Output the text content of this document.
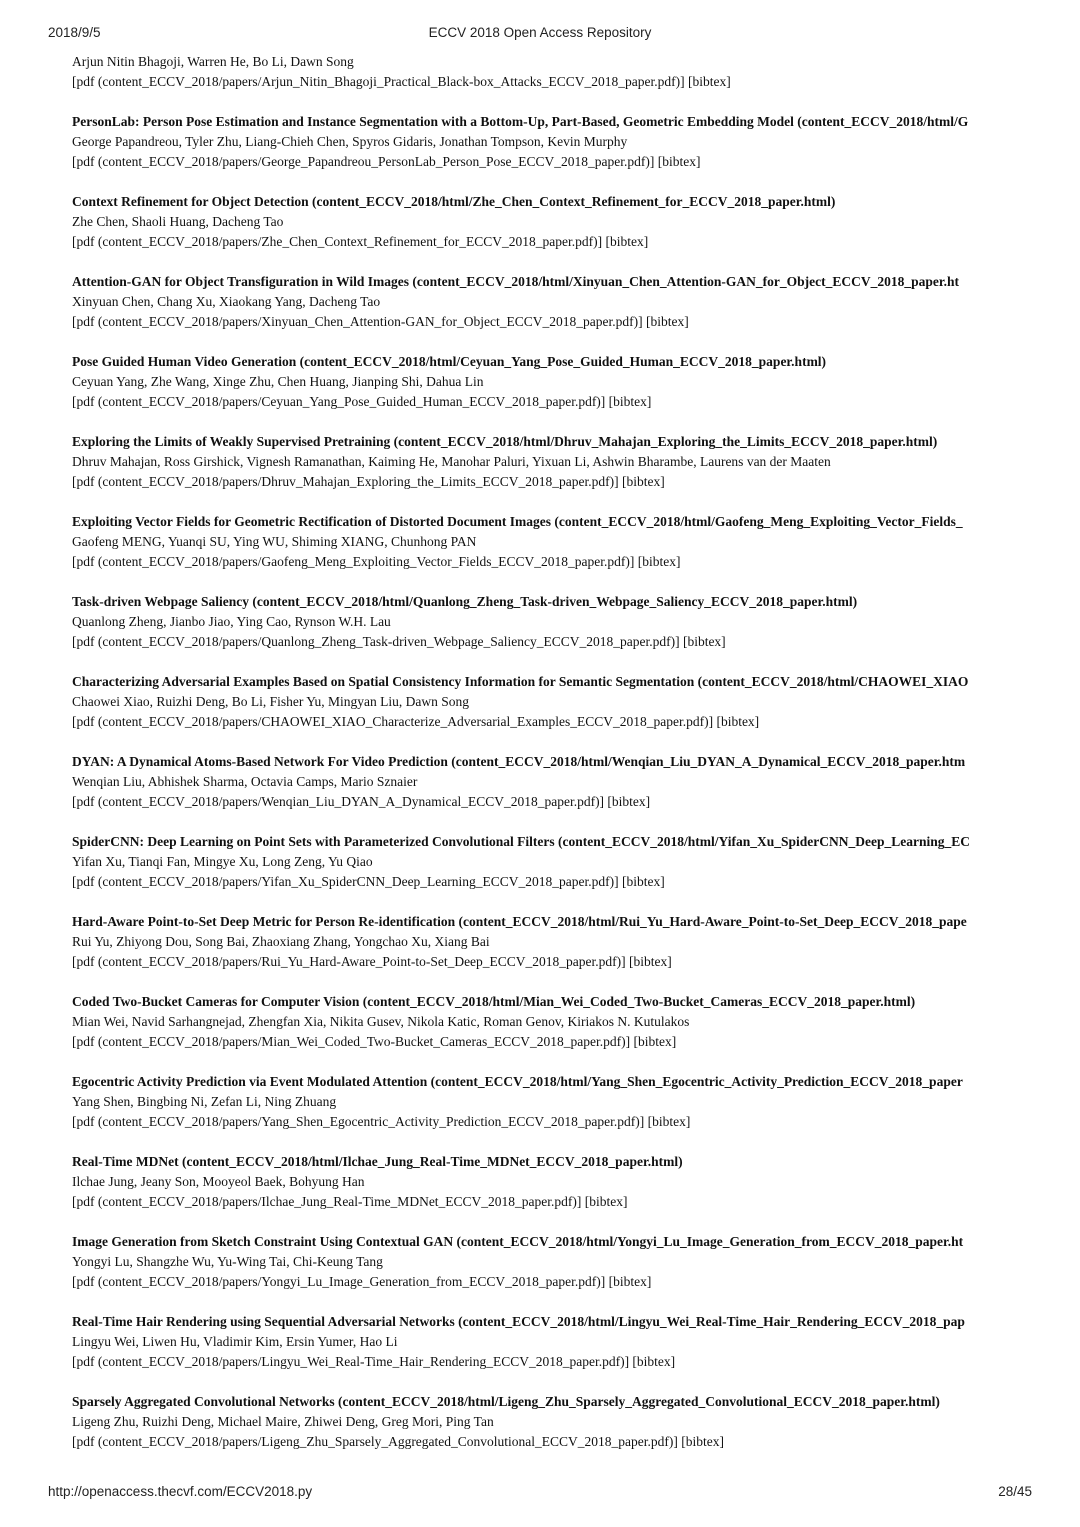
2018/9/5	ECCV 2018 Open Access Repository
Arjun Nitin Bhagoji, Warren He, Bo Li, Dawn Song
[pdf (content_ECCV_2018/papers/Arjun_Nitin_Bhagoji_Practical_Black-box_Attacks_ECCV_2018_paper.pdf)] [bibtex]
PersonLab: Person Pose Estimation and Instance Segmentation with a Bottom-Up, Part-Based, Geometric Embedding Model (content_ECCV_2018/html/G
George Papandreou, Tyler Zhu, Liang-Chieh Chen, Spyros Gidaris, Jonathan Tompson, Kevin Murphy
[pdf (content_ECCV_2018/papers/George_Papandreou_PersonLab_Person_Pose_ECCV_2018_paper.pdf)] [bibtex]
Context Refinement for Object Detection (content_ECCV_2018/html/Zhe_Chen_Context_Refinement_for_ECCV_2018_paper.html)
Zhe Chen, Shaoli Huang, Dacheng Tao
[pdf (content_ECCV_2018/papers/Zhe_Chen_Context_Refinement_for_ECCV_2018_paper.pdf)] [bibtex]
Attention-GAN for Object Transfiguration in Wild Images (content_ECCV_2018/html/Xinyuan_Chen_Attention-GAN_for_Object_ECCV_2018_paper.ht
Xinyuan Chen, Chang Xu, Xiaokang Yang, Dacheng Tao
[pdf (content_ECCV_2018/papers/Xinyuan_Chen_Attention-GAN_for_Object_ECCV_2018_paper.pdf)] [bibtex]
Pose Guided Human Video Generation (content_ECCV_2018/html/Ceyuan_Yang_Pose_Guided_Human_ECCV_2018_paper.html)
Ceyuan Yang, Zhe Wang, Xinge Zhu, Chen Huang, Jianping Shi, Dahua Lin
[pdf (content_ECCV_2018/papers/Ceyuan_Yang_Pose_Guided_Human_ECCV_2018_paper.pdf)] [bibtex]
Exploring the Limits of Weakly Supervised Pretraining (content_ECCV_2018/html/Dhruv_Mahajan_Exploring_the_Limits_ECCV_2018_paper.html)
Dhruv Mahajan, Ross Girshick, Vignesh Ramanathan, Kaiming He, Manohar Paluri, Yixuan Li, Ashwin Bharambe, Laurens van der Maaten
[pdf (content_ECCV_2018/papers/Dhruv_Mahajan_Exploring_the_Limits_ECCV_2018_paper.pdf)] [bibtex]
Exploiting Vector Fields for Geometric Rectification of Distorted Document Images (content_ECCV_2018/html/Gaofeng_Meng_Exploiting_Vector_Fields_
Gaofeng MENG, Yuanqi SU, Ying WU, Shiming XIANG, Chunhong PAN
[pdf (content_ECCV_2018/papers/Gaofeng_Meng_Exploiting_Vector_Fields_ECCV_2018_paper.pdf)] [bibtex]
Task-driven Webpage Saliency (content_ECCV_2018/html/Quanlong_Zheng_Task-driven_Webpage_Saliency_ECCV_2018_paper.html)
Quanlong Zheng, Jianbo Jiao, Ying Cao, Rynson W.H. Lau
[pdf (content_ECCV_2018/papers/Quanlong_Zheng_Task-driven_Webpage_Saliency_ECCV_2018_paper.pdf)] [bibtex]
Characterizing Adversarial Examples Based on Spatial Consistency Information for Semantic Segmentation (content_ECCV_2018/html/CHAOWEI_XIAO
Chaowei Xiao, Ruizhi Deng, Bo Li, Fisher Yu, Mingyan Liu, Dawn Song
[pdf (content_ECCV_2018/papers/CHAOWEI_XIAO_Characterize_Adversarial_Examples_ECCV_2018_paper.pdf)] [bibtex]
DYAN: A Dynamical Atoms-Based Network For Video Prediction (content_ECCV_2018/html/Wenqian_Liu_DYAN_A_Dynamical_ECCV_2018_paper.htm
Wenqian Liu, Abhishek Sharma, Octavia Camps, Mario Sznaier
[pdf (content_ECCV_2018/papers/Wenqian_Liu_DYAN_A_Dynamical_ECCV_2018_paper.pdf)] [bibtex]
SpiderCNN: Deep Learning on Point Sets with Parameterized Convolutional Filters (content_ECCV_2018/html/Yifan_Xu_SpiderCNN_Deep_Learning_EC
Yifan Xu, Tianqi Fan, Mingye Xu, Long Zeng, Yu Qiao
[pdf (content_ECCV_2018/papers/Yifan_Xu_SpiderCNN_Deep_Learning_ECCV_2018_paper.pdf)] [bibtex]
Hard-Aware Point-to-Set Deep Metric for Person Re-identification (content_ECCV_2018/html/Rui_Yu_Hard-Aware_Point-to-Set_Deep_ECCV_2018_pape
Rui Yu, Zhiyong Dou, Song Bai, Zhaoxiang Zhang, Yongchao Xu, Xiang Bai
[pdf (content_ECCV_2018/papers/Rui_Yu_Hard-Aware_Point-to-Set_Deep_ECCV_2018_paper.pdf)] [bibtex]
Coded Two-Bucket Cameras for Computer Vision (content_ECCV_2018/html/Mian_Wei_Coded_Two-Bucket_Cameras_ECCV_2018_paper.html)
Mian Wei, Navid Sarhangnejad, Zhengfan Xia, Nikita Gusev, Nikola Katic, Roman Genov, Kiriakos N. Kutulakos
[pdf (content_ECCV_2018/papers/Mian_Wei_Coded_Two-Bucket_Cameras_ECCV_2018_paper.pdf)] [bibtex]
Egocentric Activity Prediction via Event Modulated Attention (content_ECCV_2018/html/Yang_Shen_Egocentric_Activity_Prediction_ECCV_2018_paper
Yang Shen, Bingbing Ni, Zefan Li, Ning Zhuang
[pdf (content_ECCV_2018/papers/Yang_Shen_Egocentric_Activity_Prediction_ECCV_2018_paper.pdf)] [bibtex]
Real-Time MDNet (content_ECCV_2018/html/Ilchae_Jung_Real-Time_MDNet_ECCV_2018_paper.html)
Ilchae Jung, Jeany Son, Mooyeol Baek, Bohyung Han
[pdf (content_ECCV_2018/papers/Ilchae_Jung_Real-Time_MDNet_ECCV_2018_paper.pdf)] [bibtex]
Image Generation from Sketch Constraint Using Contextual GAN (content_ECCV_2018/html/Yongyi_Lu_Image_Generation_from_ECCV_2018_paper.ht
Yongyi Lu, Shangzhe Wu, Yu-Wing Tai, Chi-Keung Tang
[pdf (content_ECCV_2018/papers/Yongyi_Lu_Image_Generation_from_ECCV_2018_paper.pdf)] [bibtex]
Real-Time Hair Rendering using Sequential Adversarial Networks (content_ECCV_2018/html/Lingyu_Wei_Real-Time_Hair_Rendering_ECCV_2018_pap
Lingyu Wei, Liwen Hu, Vladimir Kim, Ersin Yumer, Hao Li
[pdf (content_ECCV_2018/papers/Lingyu_Wei_Real-Time_Hair_Rendering_ECCV_2018_paper.pdf)] [bibtex]
Sparsely Aggregated Convolutional Networks (content_ECCV_2018/html/Ligeng_Zhu_Sparsely_Aggregated_Convolutional_ECCV_2018_paper.html)
Ligeng Zhu, Ruizhi Deng, Michael Maire, Zhiwei Deng, Greg Mori, Ping Tan
[pdf (content_ECCV_2018/papers/Ligeng_Zhu_Sparsely_Aggregated_Convolutional_ECCV_2018_paper.pdf)] [bibtex]
http://openaccess.thecvf.com/ECCV2018.py	28/45
